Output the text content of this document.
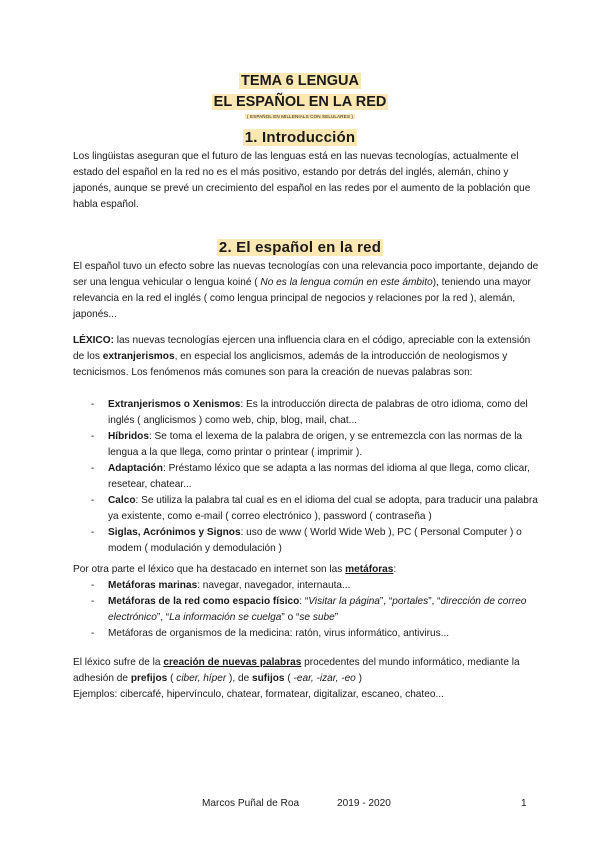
TEMA 6 LENGUA
EL ESPAÑOL EN LA RED
( ESPAÑOL EN MILLENIALS CON SELULARES )
1. Introducción

Los lingüistas aseguran que el futuro de las lenguas está en las nuevas tecnologías, actualmente el estado del español en la red no es el más positivo, estando por detrás del inglés, alemán, chino y japonés, aunque se prevé un crecimiento del español en las redes por el aumento de la población que habla español.

2. El español en la red

El español tuvo un efecto sobre las nuevas tecnologías con una relevancia poco importante, dejando de ser una lengua vehicular o lengua koiné ( No es la lengua común en este ámbito), teniendo una mayor relevancia en la red el inglés ( como lengua principal de negocios y relaciones por la red ), alemán, japonés...

LÉXICO: las nuevas tecnologías ejercen una influencia clara en el código, apreciable con la extensión de los extranjerismos, en especial los anglicismos, además de la introducción de neologismos y tecnicismos. Los fenómenos más comunes son para la creación de nuevas palabras son:

- Extranjerismos o Xenismos: Es la introducción directa de palabras de otro idioma, como del inglés ( anglicismos ) como web, chip, blog, mail, chat...
- Híbridos: Se toma el lexema de la palabra de origen, y se entremezcla con las normas de la lengua a la que llega, como printar o printear ( imprimir ).
- Adaptación: Préstamo léxico que se adapta a las normas del idioma al que llega, como clicar, resetear, chatear...
- Calco: Se utiliza la palabra tal cual es en el idioma del cual se adopta, para traducir una palabra ya existente, como e-mail ( correo electrónico ), password ( contraseña )
- Siglas, Acrónimos y Signos: uso de www ( World Wide Web ), PC ( Personal Computer ) o modem ( modulación y demodulación )

Por otra parte el léxico que ha destacado en internet son las metáforas:

- Metáforas marinas: navegar, navegador, internauta...
- Metáforas de la red como espacio físico: “Visitar la página”, “portales”, “dirección de correo electrónico”, “La información se cuelga” o “se sube”
- Metáforas de organismos de la medicina: ratón, virus informático, antivirus...

El léxico sufre de la creación de nuevas palabras procedentes del mundo informático, mediante la adhesión de prefijos ( ciber, híper ), de sufijos ( -ear, -izar, -eo )

Ejemplos: cibercafé, hipervínculo, chatear, formatear, digitalizar, escaneo, chateo...

Marcos Puñal de Roa	2019 - 2020	1
